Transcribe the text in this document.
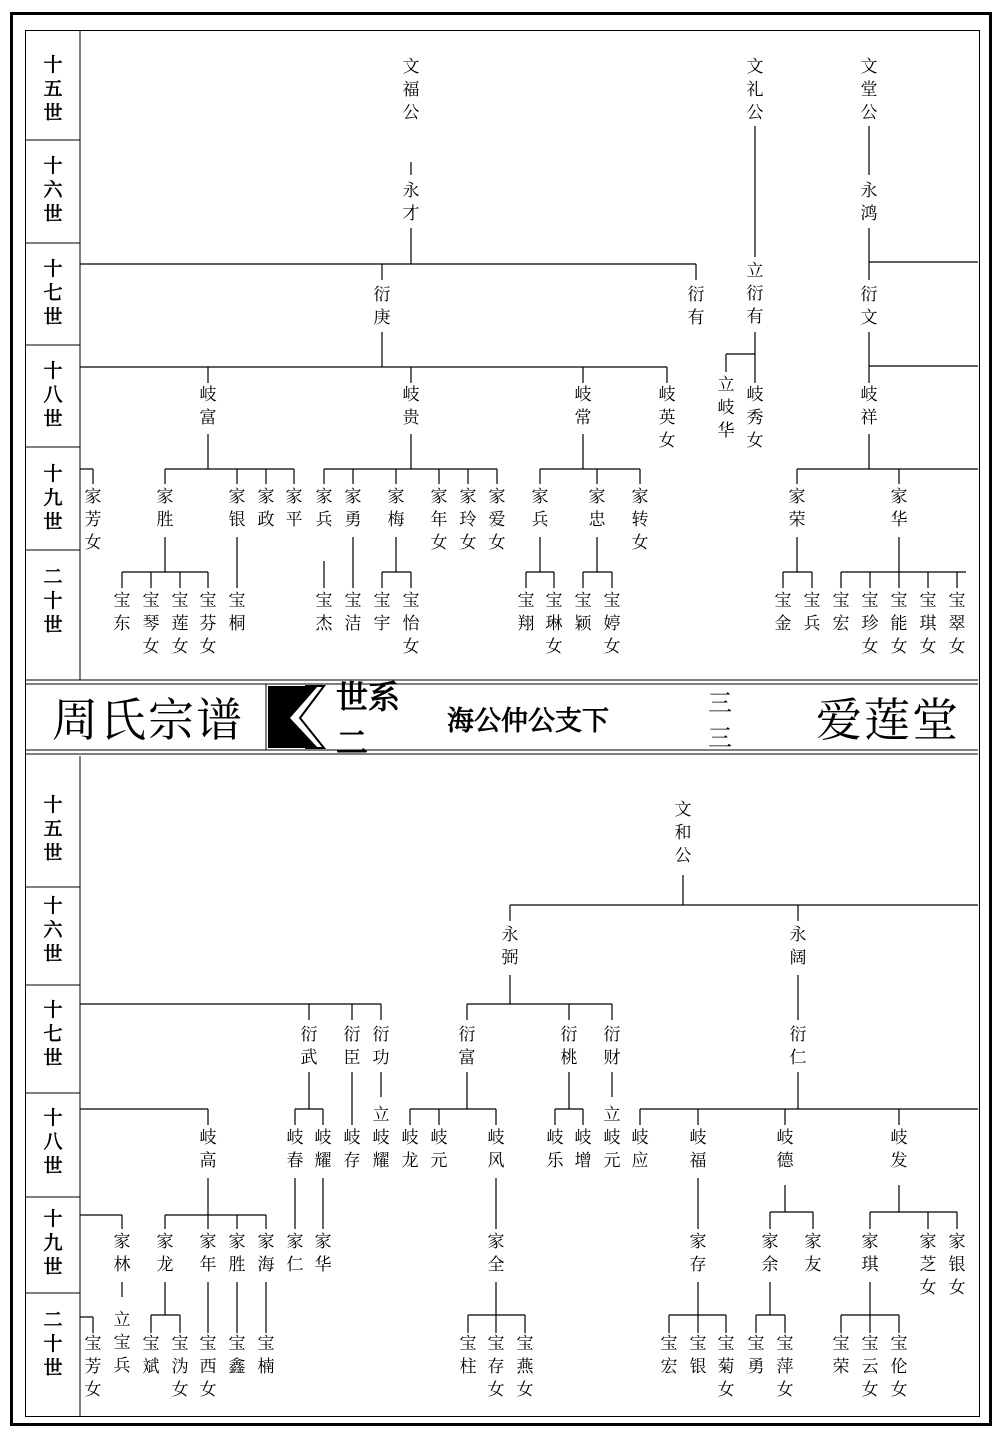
十五世
十六世
十七世
十八世
十九世
二十世
十五世
十六世
十七世
十八世
十九世
二十世
文福公
文礼公
文堂公
永才
永鸿
衍庚
衍有
立衍有
衍文
岐富
岐贵
岐常
岐英女
立岐华
岐秀女
岐祥
家芳女
家胜
家银
家政
家平
家兵
家勇
家梅
家年女
家玲女
家爱女
家兵
家忠
家转女
家荣
家华
宝东
宝琴女
宝莲女
宝芬女
宝桐
宝杰
宝洁
宝宇
宝怡女
宝翔
宝琳女
宝颖
宝婷女
宝金
宝兵
宝宏
宝珍女
宝能女
宝琪女
宝翠女
文和公
永弼
永阔
衍武
衍臣
衍功
衍富
衍桃
衍财
衍仁
岐高
岐春
岐耀
岐存
立岐耀
岐龙
岐元
岐风
岐乐
岐增
立岐元
岐应
岐福
岐德
岐发
家林
家龙
家年
家胜
家海
家仁
家华
家全
家存
家余
家友
家琪
家芝女
家银女
宝芳女
立宝兵
宝斌
宝沩女
宝西女
宝鑫
宝楠
宝柱
宝存女
宝燕女
宝宏
宝银
宝菊女
宝勇
宝萍女
宝荣
宝云女
宝伦女
周氏宗谱	世系二
海公仲公支下
三三	爱莲堂
